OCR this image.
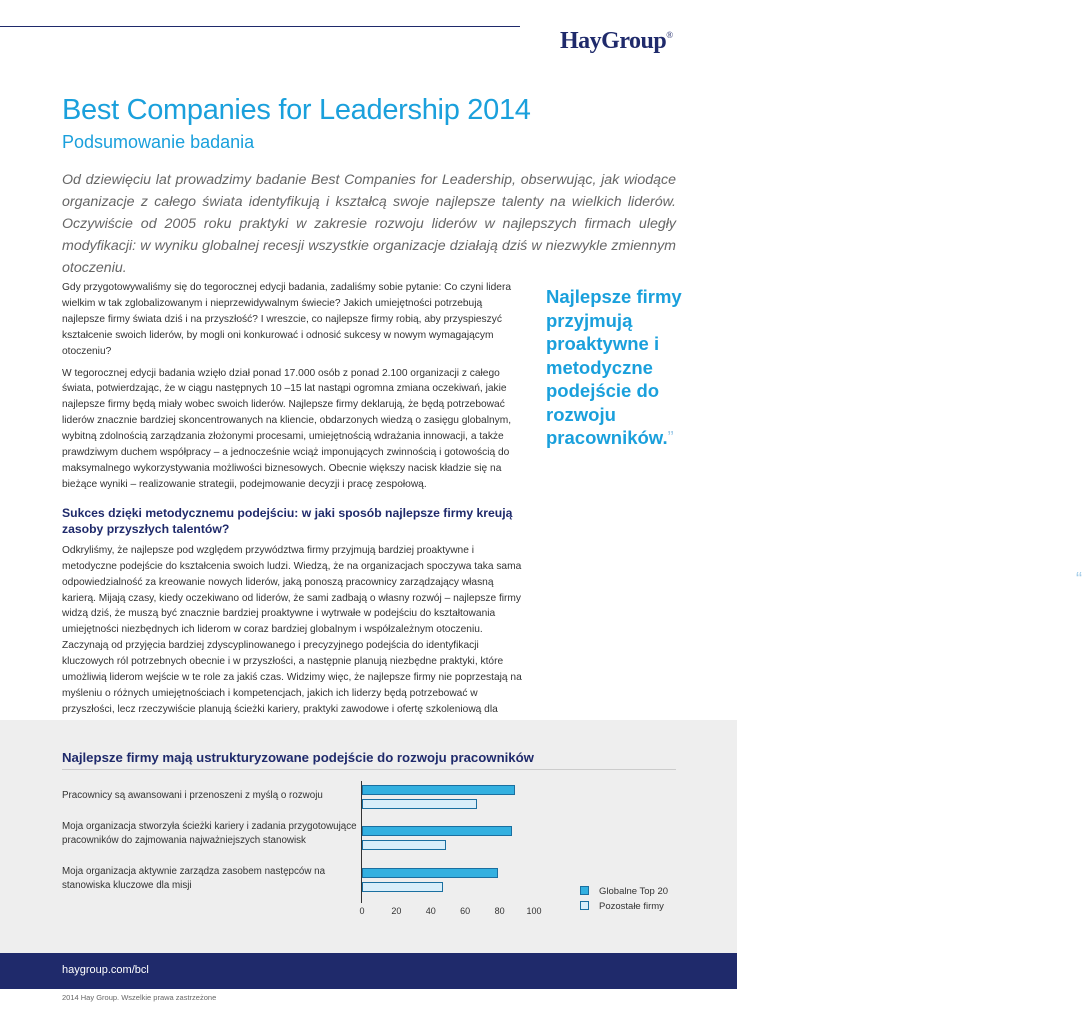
HayGroup®
Best Companies for Leadership 2014

Podsumowanie badania

Od dziewięciu lat prowadzimy badanie Best Companies for Leadership, obserwując, jak wiodące organizacje z całego świata identyfikują i kształcą swoje najlepsze talenty na wielkich liderów. Oczywiście od 2005 roku praktyki w zakresie rozwoju liderów w najlepszych firmach uległy modyfikacji: w wyniku globalnej recesji wszystkie organizacje działają dziś w niezwykle zmiennym otoczeniu.

Gdy przygotowywaliśmy się do tegorocznej edycji badania, zadaliśmy sobie pytanie: Co czyni lidera wielkim w tak zglobalizowanym i nieprzewidywalnym świecie? Jakich umiejętności potrzebują najlepsze firmy świata dziś i na przyszłość? I wreszcie, co najlepsze firmy robią, aby przyspieszyć kształcenie swoich liderów, by mogli oni konkurować i odnosić sukcesy w nowym wymagającym otoczeniu?

W tegorocznej edycji badania wzięło dział ponad 17.000 osób z ponad 2.100 organizacji z całego świata, potwierdzając, że w ciągu następnych 10 –15 lat nastąpi ogromna zmiana oczekiwań, jakie najlepsze firmy będą miały wobec swoich liderów. Najlepsze firmy deklarują, że będą potrzebować liderów znacznie bardziej skoncentrowanych na kliencie, obdarzonych wiedzą o zasięgu globalnym, wybitną zdolnością zarządzania złożonymi procesami, umiejętnością wdrażania innowacji, a także prawdziwym duchem współpracy – a jednocześnie wciąż imponujących zwinnością i gotowością do maksymalnego wykorzystywania możliwości biznesowych. Obecnie większy nacisk kładzie się na bieżące wyniki – realizowanie strategii, podejmowanie decyzji i pracę zespołową.

Sukces dzięki metodycznemu podejściu: w jaki sposób najlepsze firmy kreują zasoby przyszłych talentów?

Odkryliśmy, że najlepsze pod względem przywództwa firmy przyjmują bardziej proaktywne i metodyczne podejście do kształcenia swoich ludzi. Wiedzą, że na organizacjach spoczywa taka sama odpowiedzialność za kreowanie nowych liderów, jaką ponoszą pracownicy zarządzający własną karierą. Mijają czasy, kiedy oczekiwano od liderów, że sami zadbają o własny rozwój – najlepsze firmy widzą dziś, że muszą być znacznie bardziej proaktywne i wytrwałe w podejściu do kształtowania umiejętności niezbędnych ich liderom w coraz bardziej globalnym i współzależnym otoczeniu. Zaczynają od przyjęcia bardziej zdyscyplinowanego i precyzyjnego podejścia do identyfikacji kluczowych ról potrzebnych obecnie i w przyszłości, a następnie planują niezbędne praktyki, które umożliwią liderom wejście w te role za jakiś czas. Widzimy więc, że najlepsze firmy nie poprzestają na myśleniu o różnych umiejętnościach i kompetencjach, jakich ich liderzy będą potrzebować w przyszłości, lecz rzeczywiście planują ścieżki kariery, praktyki zawodowe i ofertę szkoleniową dla

“
Najlepsze firmy przyjmują proaktywne i metodyczne podejście do rozwoju pracowników.”

Najlepsze firmy mają ustrukturyzowane podejście do rozwoju pracowników

Pracownicy są awansowani i przenoszeni z myślą o rozwoju
Moja organizacja stworzyła ścieżki kariery i zadania przygotowujące pracowników do zajmowania najważniejszych stanowisk
Moja organizacja aktywnie zarządza zasobem następców na stanowiska kluczowe dla misji
0	20	40	60	80 100
Globalne Top 20
Pozostałe firmy
haygroup.com/bcl
2014 Hay Group. Wszelkie prawa zastrzeżone
